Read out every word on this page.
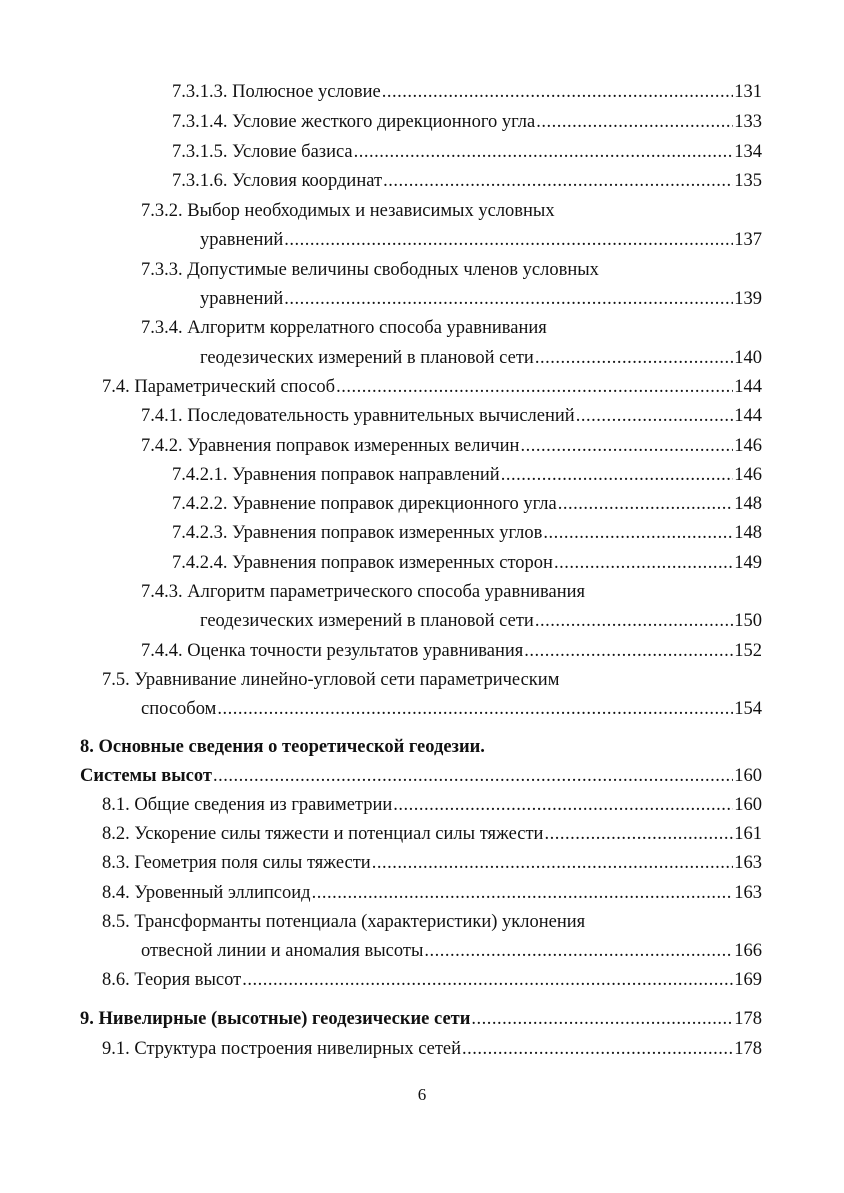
7.3.1.3. Полюсное условие .....	131
7.3.1.4. Условие жесткого дирекционного угла .....	133
7.3.1.5. Условие базиса .....	134
7.3.1.6. Условия координат .....	135
7.3.2. Выбор необходимых и независимых условных
уравнений .....	137
7.3.3. Допустимые величины свободных членов условных
уравнений .....	139
7.3.4. Алгоритм коррелатного способа уравнивания
геодезических измерений в плановой сети .....	140
7.4. Параметрический способ .....	144
7.4.1. Последовательность уравнительных вычислений .....	144
7.4.2. Уравнения поправок измеренных величин .....	146
7.4.2.1. Уравнения поправок направлений .....	146
7.4.2.2. Уравнение поправок дирекционного угла .....	148
7.4.2.3. Уравнения поправок измеренных углов .....	148
7.4.2.4. Уравнения поправок измеренных сторон .....	149
7.4.3. Алгоритм параметрического способа уравнивания
геодезических измерений в плановой сети .....	150
7.4.4. Оценка точности результатов уравнивания .....	152
7.5. Уравнивание линейно-угловой сети параметрическим
способом .....	154
8. Основные сведения о теоретической геодезии.
Системы высот .....	160
8.1. Общие сведения из гравиметрии .....	160
8.2. Ускорение силы тяжести и потенциал силы тяжести .....	161
8.3. Геометрия поля силы тяжести .....	163
8.4. Уровенный эллипсоид .....	163
8.5. Трансформанты потенциала (характеристики) уклонения
отвесной линии и аномалия высоты .....	166
8.6. Теория высот .....	169
9. Нивелирные (высотные) геодезические сети .....	178
9.1. Структура построения нивелирных сетей .....	178
6
